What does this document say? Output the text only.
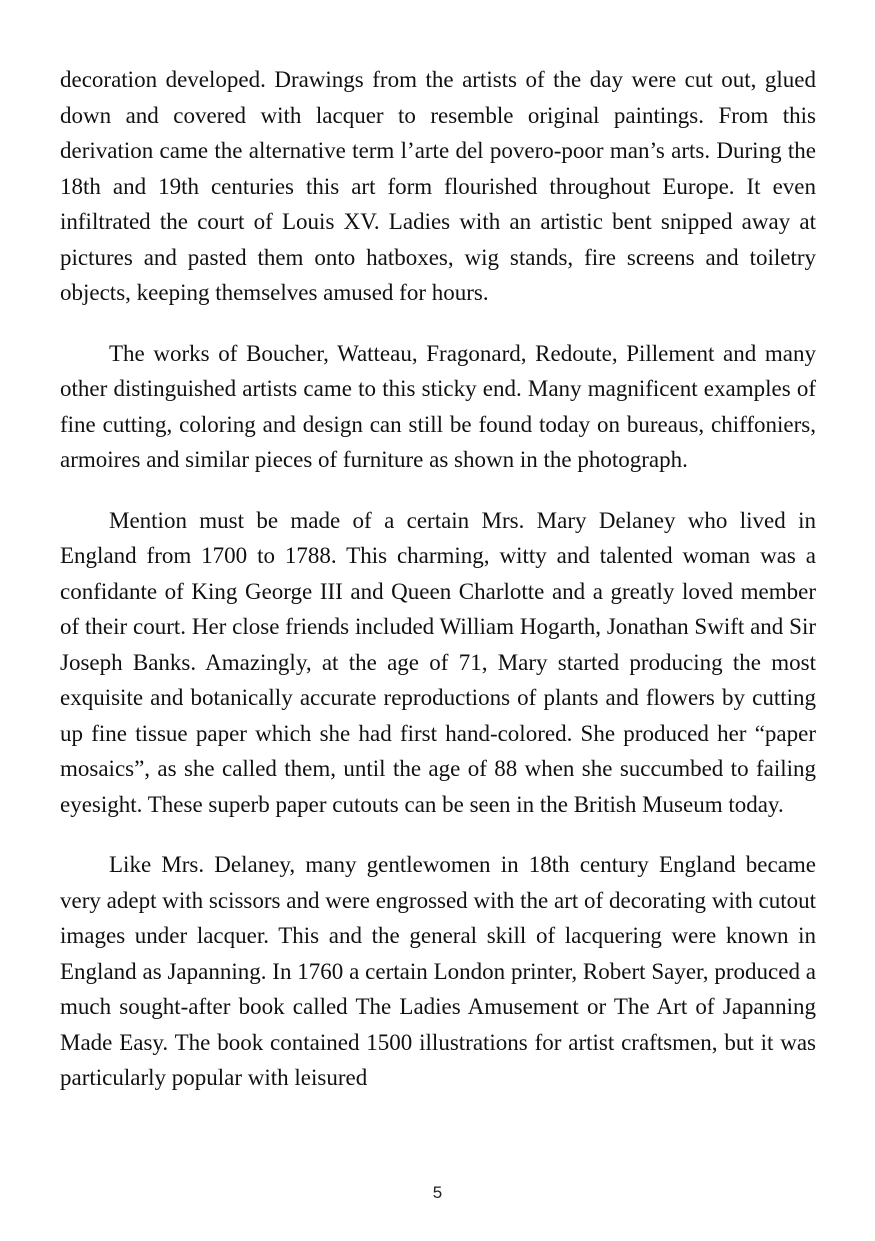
decoration developed. Drawings from the artists of the day were cut out, glued down and covered with lacquer to resemble original paintings. From this derivation came the alternative term l’arte del povero-poor man’s arts. During the 18th and 19th centuries this art form flourished throughout Europe. It even infiltrated the court of Louis XV. Ladies with an artistic bent snipped away at pictures and pasted them onto hatboxes, wig stands, fire screens and toiletry objects, keeping themselves amused for hours.

The works of Boucher, Watteau, Fragonard, Redoute, Pillement and many other distinguished artists came to this sticky end. Many magnificent examples of fine cutting, coloring and design can still be found today on bureaus, chiffoniers, armoires and similar pieces of furniture as shown in the photograph.

Mention must be made of a certain Mrs. Mary Delaney who lived in England from 1700 to 1788. This charming, witty and talented woman was a confidante of King George III and Queen Charlotte and a greatly loved member of their court. Her close friends included William Hogarth, Jonathan Swift and Sir Joseph Banks. Amazingly, at the age of 71, Mary started producing the most exquisite and botanically accurate reproductions of plants and flowers by cutting up fine tissue paper which she had first hand-colored. She produced her “paper mosaics”, as she called them, until the age of 88 when she succumbed to failing eyesight. These superb paper cutouts can be seen in the British Museum today.

Like Mrs. Delaney, many gentlewomen in 18th century England became very adept with scissors and were engrossed with the art of decorating with cutout images under lacquer. This and the general skill of lacquering were known in England as Japanning. In 1760 a certain London printer, Robert Sayer, produced a much sought-after book called The Ladies Amusement or The Art of Japanning Made Easy. The book contained 1500 illustrations for artist craftsmen, but it was particularly popular with leisured

5
